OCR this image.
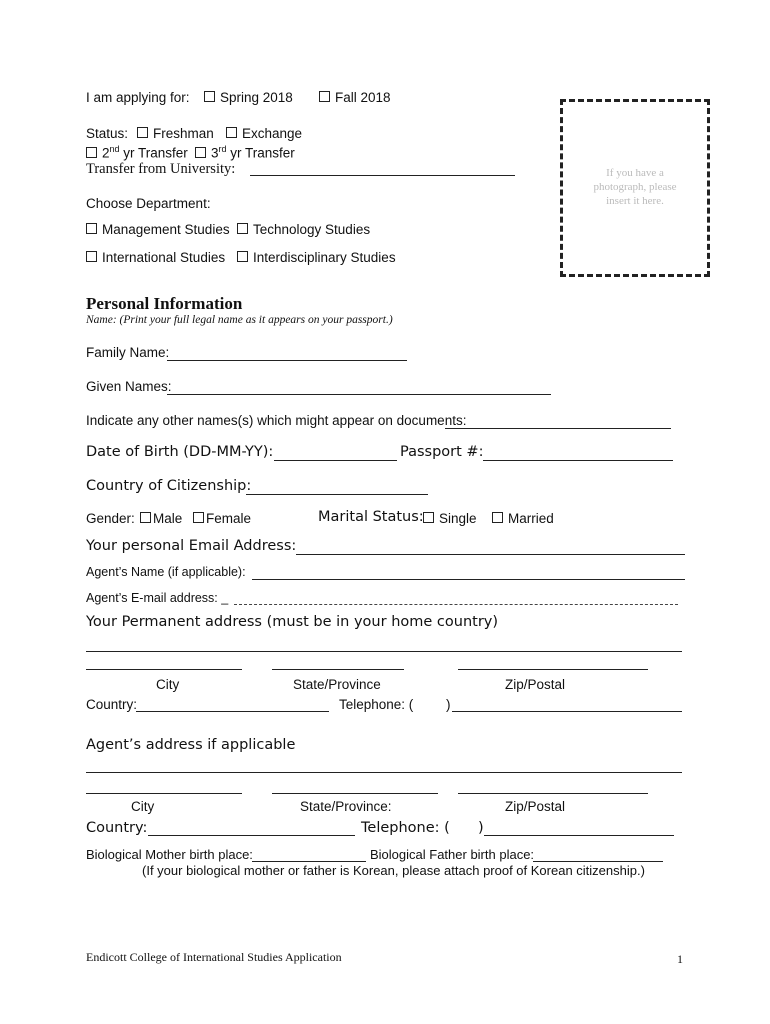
I am applying for:	Spring 2018	Fall 2018
Status:	Freshman	Exchange
2nd yr Transfer	3rd yr Transfer
Transfer from University:
Choose Department:
Management Studies	Technology Studies
International Studies	Interdisciplinary Studies
If you have a photograph, please insert it here.
Personal Information
Name: (Print your full legal name as it appears on your passport.)
Family Name:
Given Names:
Indicate any other names(s) which might appear on documents:
Date of Birth (DD-MM-YY):	Passport #:
Country of Citizenship:
Gender:	Male	Female	Marital Status:	Single	Married
Your personal Email Address:
Agent’s Name (if applicable):
Agent’s E-mail address: _
Your Permanent address (must be in your home country)
City	State/Province	Zip/Postal
Country:	Telephone: ( )
Agent’s address if applicable
City	State/Province:	Zip/Postal
Country:	Telephone: ( )
Biological Mother birth place:	Biological Father birth place:
(If your biological mother or father is Korean, please attach proof of Korean citizenship.)
Endicott College of International Studies Application	1
